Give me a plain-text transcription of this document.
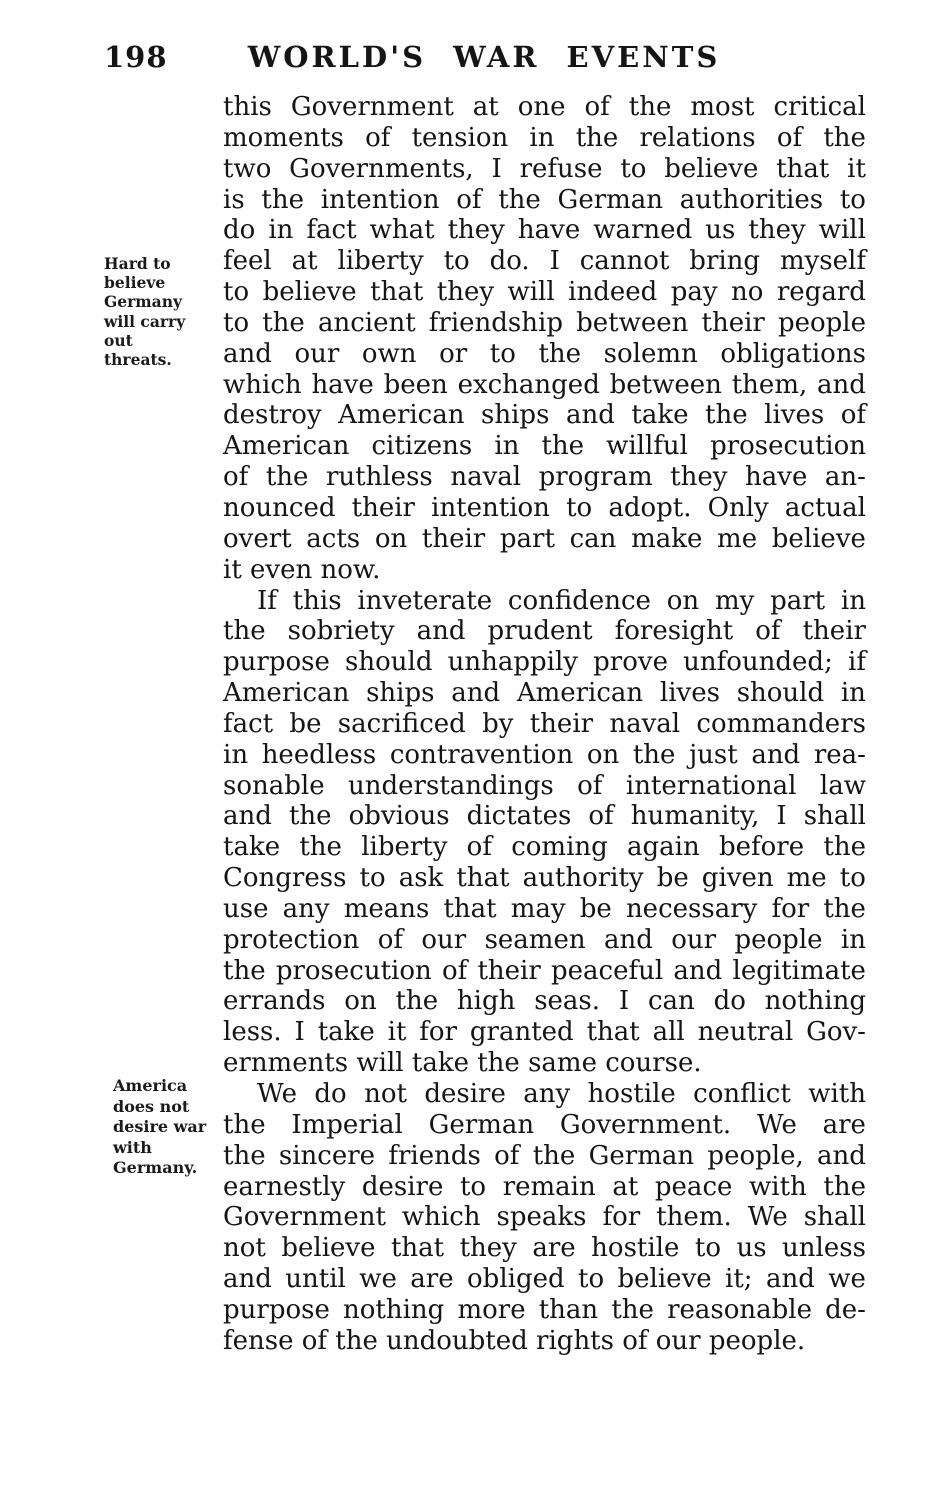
198	WORLD'S WAR EVENTS
Hard to
believe
Germany
will carry
out
threats.
America
does not
desire war
with
Germany.
this Government at one of the most critical
moments of tension in the relations of the
two Governments, I refuse to believe that it
is the intention of the German authorities to
do in fact what they have warned us they will
feel at liberty to do. I cannot bring myself
to believe that they will indeed pay no regard
to the ancient friendship between their people
and our own or to the solemn obligations
which have been exchanged between them, and
destroy American ships and take the lives of
American citizens in the willful prosecution
of the ruthless naval program they have an-
nounced their intention to adopt. Only actual
overt acts on their part can make me believe
it even now.
If this inveterate confidence on my part in
the sobriety and prudent foresight of their
purpose should unhappily prove unfounded; if
American ships and American lives should in
fact be sacrificed by their naval commanders
in heedless contravention on the just and rea-
sonable understandings of international law
and the obvious dictates of humanity, I shall
take the liberty of coming again before the
Congress to ask that authority be given me to
use any means that may be necessary for the
protection of our seamen and our people in
the prosecution of their peaceful and legitimate
errands on the high seas. I can do nothing
less. I take it for granted that all neutral Gov-
ernments will take the same course.
We do not desire any hostile conflict with
the Imperial German Government. We are
the sincere friends of the German people, and
earnestly desire to remain at peace with the
Government which speaks for them. We shall
not believe that they are hostile to us unless
and until we are obliged to believe it; and we
purpose nothing more than the reasonable de-
fense of the undoubted rights of our people.
